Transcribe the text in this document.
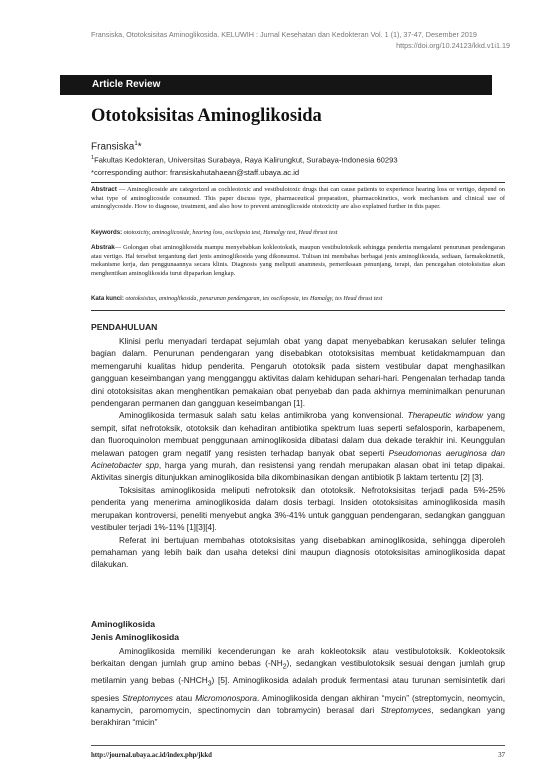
Fransiska, Ototoksisitas Aminoglikosida. KELUWIH : Jurnal Kesehatan dan Kedokteran Vol. 1 (1), 37-47, Desember 2019
https://doi.org/10.24123/kkd.v1i1.19
Article Review
Ototoksisitas Aminoglikosida
Fransiska$^1$*
$^1$Fakultas Kedokteran, Universitas Surabaya, Raya Kalirungkut, Surabaya-Indonesia 60293
*corresponding author: fransiskahutahaean@staff.ubaya.ac.id

Abstract — Aminoglicoside are categorized as cochleotoxic and vestibulotoxic drugs that can cause patients to experience hearing loss or vertigo, depend on what type of aminoglicoside consumed. This paper discuss type, pharmaceutical preparation, pharmacokinetics, work mechanism and clinical use of aminoglycoside. How to diagnose, treatment, and also how to prevent aminoglicoside ototoxicity are also explained further in this paper.

Keywords: ototoxicity, aminoglicoside, hearing loss, oscilopsia test, Hamalgy test, Head thrust test

Abstrak— Golongan obat aminoglikosida mampu menyebabkan kokleotoksik, maupun vestibulotoksik sehingga penderita mengalami penurunan pendengaran atau vertigo. Hal tersebut tergantung dari jenis aminoglikosida yang dikonsumsi. Tulisan ini membahas berbagai jenis aminoglikosida, sediaan, farmakokinetik, mekanisme kerja, dan penggunaannya secara klinis. Diagnosis yang meliputi anamnesis, pemeriksaan penunjang, terapi, dan pencegahan ototoksisitas akan menghentikan aminoglikosida turut dipaparkan lengkap.

Kata kunci: ototoksisitas, aminoglikosida, penurunan pendengaran, tes osciloposia, tes Hamalgy, tes Head thrust test

PENDAHULUAN

Klinisi perlu menyadari terdapat sejumlah obat yang dapat menyebabkan kerusakan seluler telinga bagian dalam. Penurunan pendengaran yang disebabkan ototoksisitas membuat ketidakmampuan dan memengaruhi kualitas hidup penderita. Pengaruh ototoksik pada sistem vestibular dapat menghasilkan gangguan keseimbangan yang mengganggu aktivitas dalam kehidupan sehari-hari. Pengenalan terhadap tanda dini ototoksisitas akan menghentikan pemakaian obat penyebab dan pada akhirnya meminimalkan penurunan pendengaran permanen dan gangguan keseimbangan [1].

Aminoglikosida termasuk salah satu kelas antimikroba yang konvensional. Therapeutic window yang sempit, sifat nefrotoksik, ototoksik dan kehadiran antibiotika spektrum luas seperti sefalosporin, karbapenem, dan fluoroquinolon membuat penggunaan aminoglikosida dibatasi dalam dua dekade terakhir ini. Keunggulan melawan patogen gram negatif yang resisten terhadap banyak obat seperti Pseudomonas aeruginosa dan Acinetobacter spp, harga yang murah, dan resistensi yang rendah merupakan alasan obat ini tetap dipakai. Aktivitas sinergis ditunjukkan aminoglikosida bila dikombinasikan dengan antibiotik β laktam tertentu [2] [3].

Toksisitas aminoglikosida meliputi nefrotoksik dan ototoksik. Nefrotoksisitas terjadi pada 5%-25% penderita yang menerima aminoglikosida dalam dosis terbagi. Insiden ototoksisitas aminoglikosida masih merupakan kontroversi, peneliti menyebut angka 3%-41% untuk gangguan pendengaran, sedangkan gangguan vestibuler terjadi 1%-11% [1][3][4].

Referat ini bertujuan membahas ototoksisitas yang disebabkan aminoglikosida, sehingga diperoleh pemahaman yang lebih baik dan usaha deteksi dini maupun diagnosis ototoksisitas aminoglikosida dapat dilakukan.

Aminoglikosida
Jenis Aminoglikosida

Aminoglikosida memiliki kecenderungan ke arah kokleotoksik atau vestibulotoksik. Kokleotoksik berkaitan dengan jumlah grup amino bebas $(-NH_2)$, sedangkan vestibulotoksik sesuai dengan jumlah grup metilamin yang bebas $(-NHCH_3)$ [5]. Aminoglikosida adalah produk fermentasi atau turunan semisintetik dari spesies Streptomyces atau Micromonospora. Aminoglikosida dengan akhiran “mycin” (streptomycin, neomycin, kanamycin, paromomycin, spectinomycin dan tobramycin) berasal dari Streptomyces, sedangkan yang berakhiran “micin”

http://journal.ubaya.ac.id/index.php/jkkd	37
